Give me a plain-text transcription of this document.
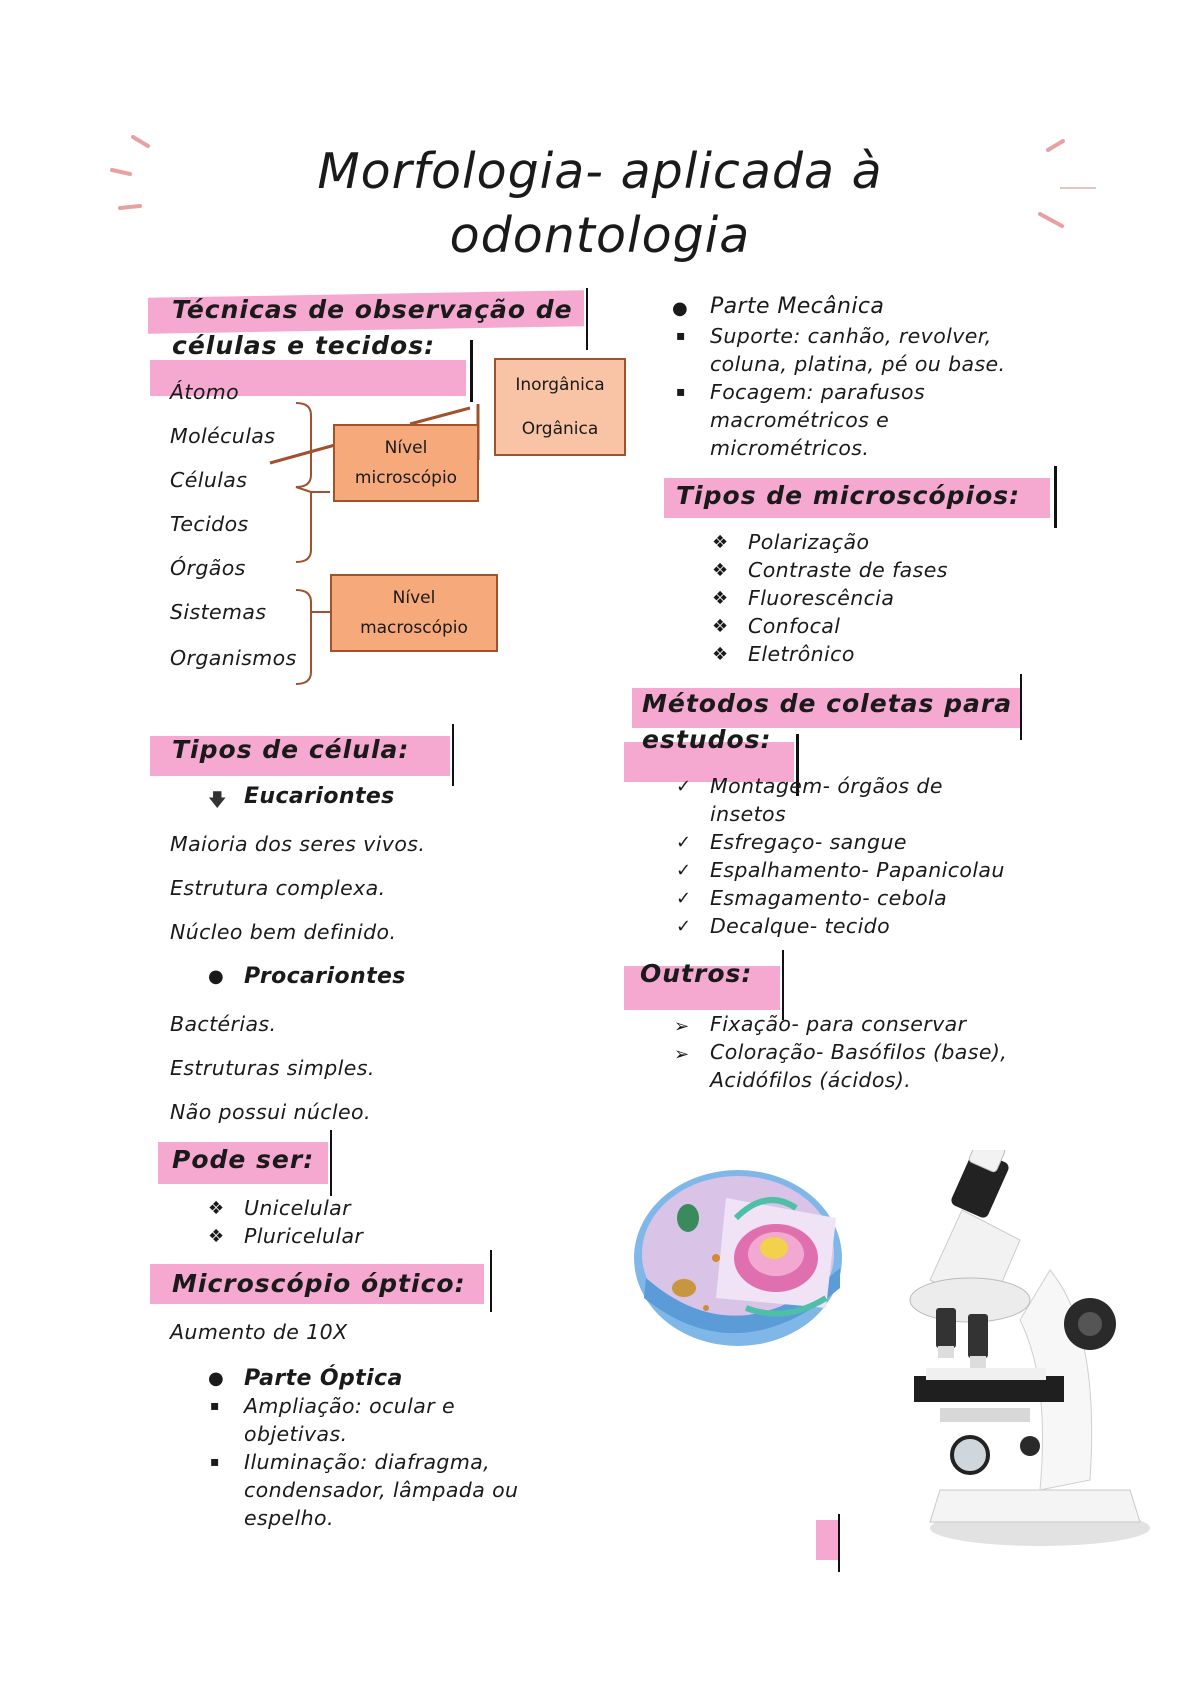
Morfologia- aplicada à
odontologia
Técnicas de observação de
células e tecidos:
Átomo
Moléculas
Células
Tecidos
Órgãos
Sistemas
Organismos
Inorgânica
Orgânica
Nível
microscópio
Nível
macroscópio
Tipos de célula:
🡇 Eucariontes
Maioria dos seres vivos.
Estrutura complexa.
Núcleo bem definido.
● Procariontes
Bactérias.
Estruturas simples.
Não possui núcleo.
Pode ser:
❖ Unicelular
❖ Pluricelular
Microscópio óptico:
Aumento de 10X
● Parte Óptica
▪ Ampliação: ocular e
objetivas.
▪ Iluminação: diafragma,
condensador, lâmpada ou
espelho.
● Parte Mecânica
▪ Suporte: canhão, revolver,
coluna, platina, pé ou base.
▪ Focagem: parafusos
macrométricos e
micrométricos.
Tipos de microscópios:
❖ Polarização
❖ Contraste de fases
❖ Fluorescência
❖ Confocal
❖ Eletrônico
Métodos de coletas para
estudos:
✓ Montagem- órgãos de
insetos
✓ Esfregaço- sangue
✓ Espalhamento- Papanicolau
✓ Esmagamento- cebola
✓ Decalque- tecido
Outros:
➢ Fixação- para conservar
➢ Coloração- Basófilos (base),
Acidófilos (ácidos).
